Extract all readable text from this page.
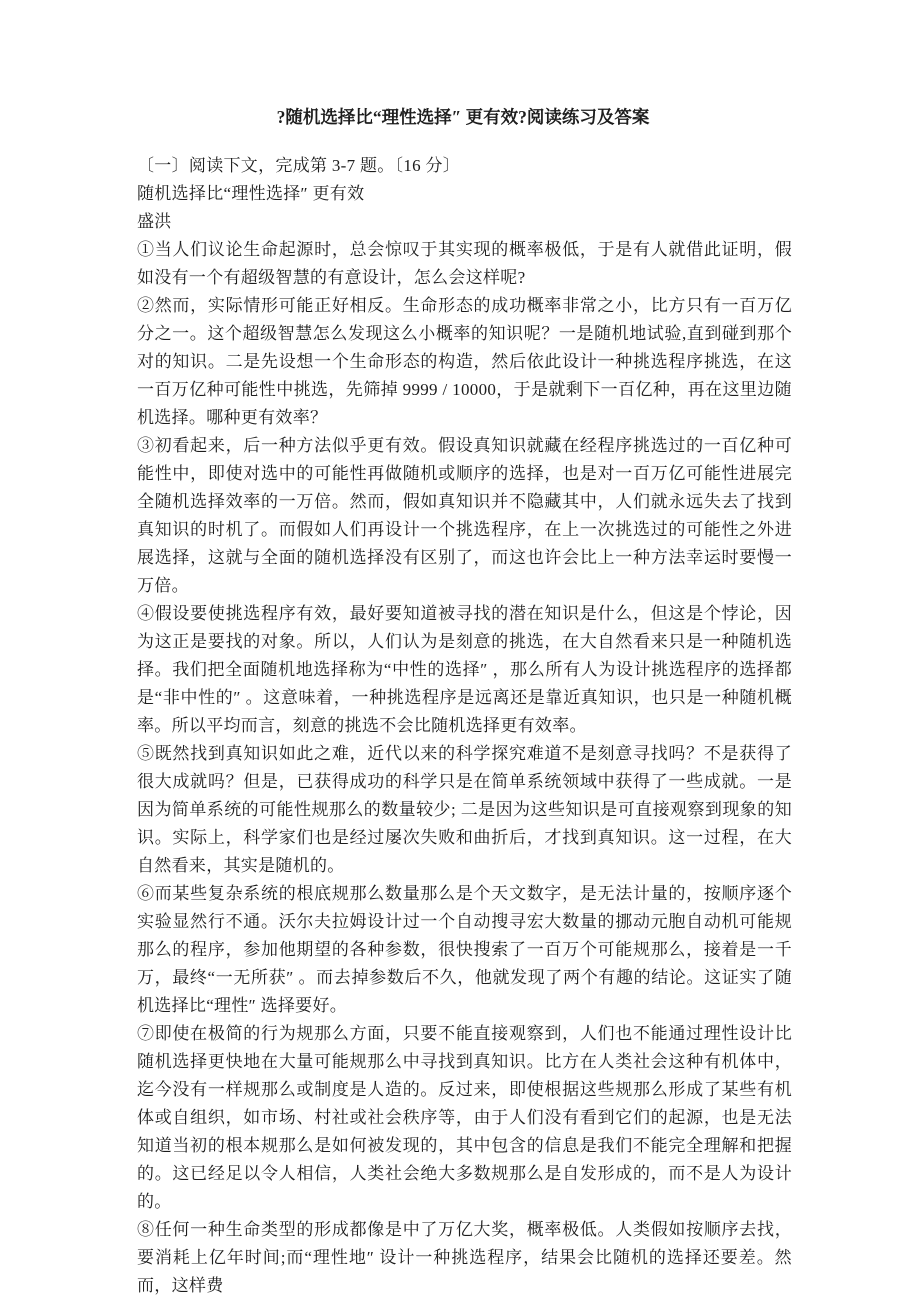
?随机选择比“理性选择″ 更有效?阅读练习及答案

〔一〕阅读下文，完成第 3-7 题。〔16 分〕

随机选择比“理性选择″ 更有效

盛洪

①当人们议论生命起源时，总会惊叹于其实现的概率极低，于是有人就借此证明，假如没有一个有超级智慧的有意设计，怎么会这样呢?

②然而，实际情形可能正好相反。生命形态的成功概率非常之小，比方只有一百万亿分之一。这个超级智慧怎么发现这么小概率的知识呢？一是随机地试验,直到碰到那个对的知识。二是先设想一个生命形态的构造，然后依此设计一种挑选程序挑选，在这一百万亿种可能性中挑选，先筛掉 9999 / 10000，于是就剩下一百亿种，再在这里边随机选择。哪种更有效率？

③初看起来，后一种方法似乎更有效。假设真知识就藏在经程序挑选过的一百亿种可能性中，即使对选中的可能性再做随机或顺序的选择，也是对一百万亿可能性进展完全随机选择效率的一万倍。然而，假如真知识并不隐藏其中，人们就永远失去了找到真知识的时机了。而假如人们再设计一个挑选程序，在上一次挑选过的可能性之外进展选择，这就与全面的随机选择没有区别了，而这也许会比上一种方法幸运时要慢一万倍。

④假设要使挑选程序有效，最好要知道被寻找的潜在知识是什么，但这是个悖论，因为这正是要找的对象。所以，人们认为是刻意的挑选，在大自然看来只是一种随机选择。我们把全面随机地选择称为“中性的选择″ ，那么所有人为设计挑选程序的选择都是“非中性的″ 。这意味着，一种挑选程序是远离还是靠近真知识，也只是一种随机概率。所以平均而言，刻意的挑选不会比随机选择更有效率。

⑤既然找到真知识如此之难，近代以来的科学探究难道不是刻意寻找吗？不是获得了很大成就吗？但是，已获得成功的科学只是在简单系统领域中获得了一些成就。一是因为简单系统的可能性规那么的数量较少; 二是因为这些知识是可直接观察到现象的知识。实际上，科学家们也是经过屡次失败和曲折后，才找到真知识。这一过程，在大自然看来，其实是随机的。

⑥而某些复杂系统的根底规那么数量那么是个天文数字，是无法计量的，按顺序逐个实验显然行不通。沃尔夫拉姆设计过一个自动搜寻宏大数量的挪动元胞自动机可能规那么的程序，参加他期望的各种参数，很快搜索了一百万个可能规那么，接着是一千万，最终“一无所获″ 。而去掉参数后不久，他就发现了两个有趣的结论。这证实了随机选择比“理性″ 选择要好。

⑦即使在极简的行为规那么方面，只要不能直接观察到，人们也不能通过理性设计比随机选择更快地在大量可能规那么中寻找到真知识。比方在人类社会这种有机体中，迄今没有一样规那么或制度是人造的。反过来，即使根据这些规那么形成了某些有机体或自组织，如市场、村社或社会秩序等，由于人们没有看到它们的起源，也是无法知道当初的根本规那么是如何被发现的，其中包含的信息是我们不能完全理解和把握的。这已经足以令人相信，人类社会绝大多数规那么是自发形成的，而不是人为设计的。

⑧任何一种生命类型的形成都像是中了万亿大奖，概率极低。人类假如按顺序去找，要消耗上亿年时间;而“理性地″ 设计一种挑选程序，结果会比随机的选择还要差。然而，这样费
